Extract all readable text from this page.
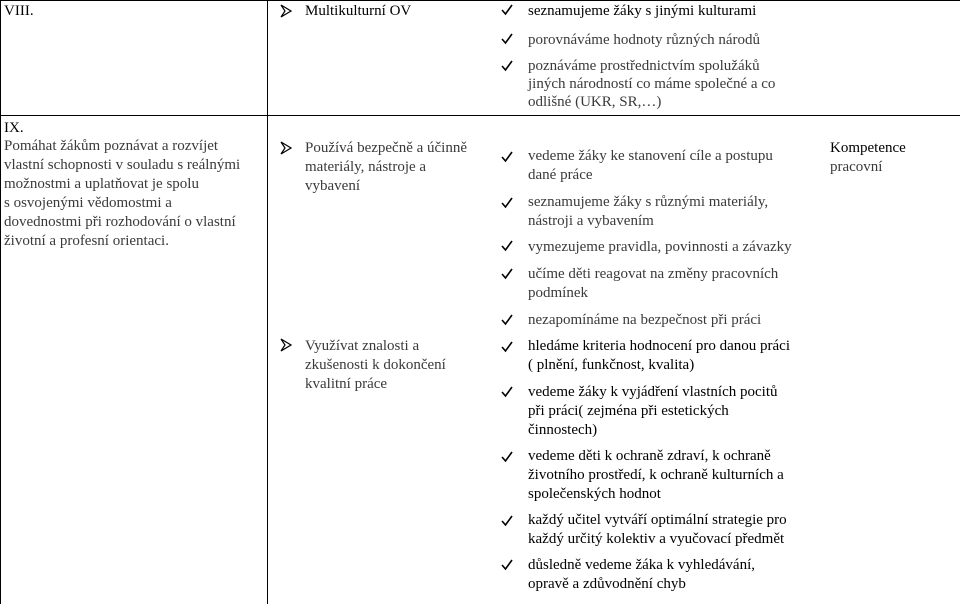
VIII.	Multikulturní OV	seznamujeme žáky s jinými kulturami
porovnáváme hodnoty různých národů
poznáváme prostřednictvím spolužáků
jiných národností co máme společné a co
odlišné (UKR, SR,…)
IX.
Pomáhat žákům poznávat a rozvíjet
vlastní schopnosti v souladu s reálnými
možnostmi a uplatňovat je spolu
s osvojenými vědomostmi a
dovednostmi při rozhodování o vlastní
životní a profesní orientaci.
Používá bezpečně a účinně
materiály, nástroje a
vybavení
Využívat znalosti a
zkušenosti k dokončení
kvalitní práce
Kompetence
pracovní
vedeme žáky ke stanovení cíle a postupu
dané práce
seznamujeme žáky s různými materiály,
nástroji a vybavením
vymezujeme pravidla, povinnosti a závazky
učíme děti reagovat na změny pracovních
podmínek
nezapomínáme na bezpečnost při práci
hledáme kriteria hodnocení pro danou práci
( plnění, funkčnost, kvalita)
vedeme žáky k vyjádření vlastních pocitů
při práci( zejména při estetických
činnostech)
vedeme děti k ochraně zdraví, k ochraně
životního prostředí, k ochraně kulturních a
společenských hodnot
každý učitel vytváří optimální strategie pro
každý určitý kolektiv a vyučovací předmět
důsledně vedeme žáka k vyhledávání,
opravě a zdůvodnění chyb
